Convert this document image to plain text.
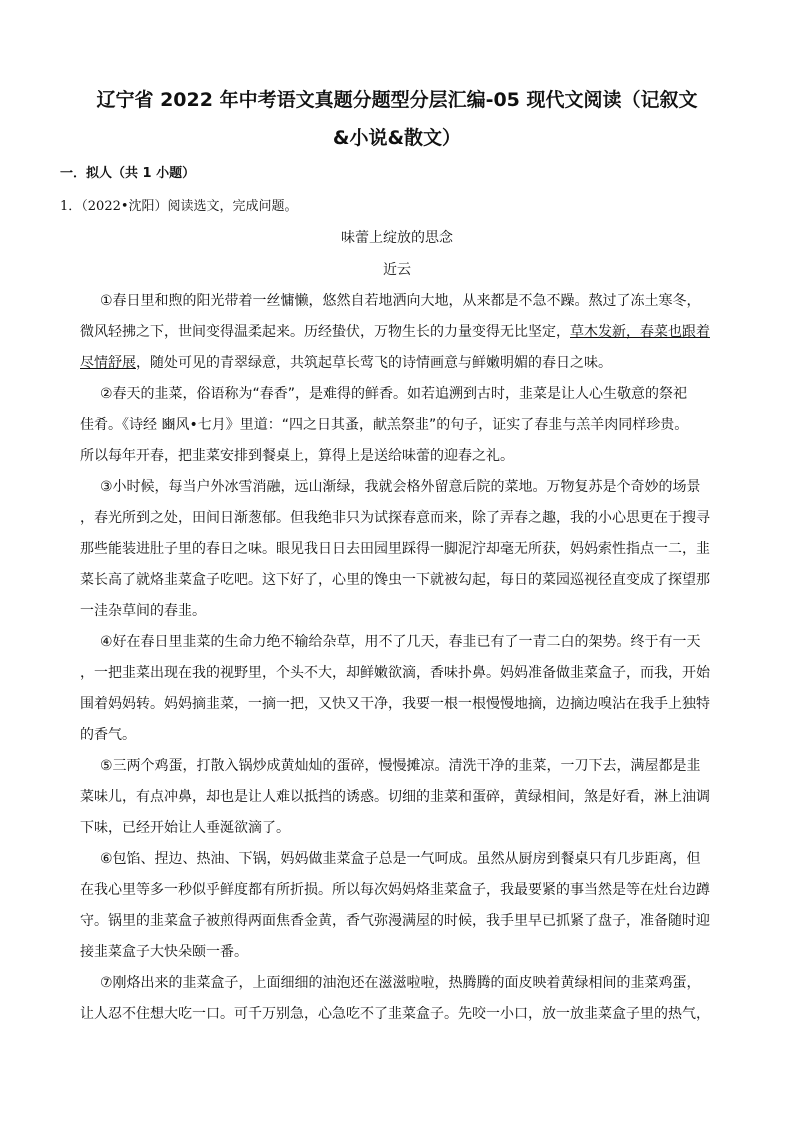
辽宁省 2022 年中考语文真题分题型分层汇编-05 现代文阅读（记叙文
&小说&散文）
一．拟人（共 1 小题）
1．（2022•沈阳）阅读选文，完成问题。
味蕾上绽放的思念
近云
①春日里和煦的阳光带着一丝慵懒，悠然自若地洒向大地，从来都是不急不躁。熬过了冻土寒冬，
微风轻拂之下，世间变得温柔起来。历经蛰伏，万物生长的力量变得无比坚定，草木发新，春菜也跟着
尽情舒展，随处可见的青翠绿意，共筑起草长莺飞的诗情画意与鲜嫩明媚的春日之味。
②春天的韭菜，俗语称为“春香”，是难得的鲜香。如若追溯到古时，韭菜是让人心生敬意的祭祀
佳肴。《诗经 豳风•七月》里道：“四之日其蚤，献羔祭韭”的句子，证实了春韭与羔羊肉同样珍贵。
所以每年开春，把韭菜安排到餐桌上，算得上是送给味蕾的迎春之礼。
③小时候，每当户外冰雪消融，远山渐绿，我就会格外留意后院的菜地。万物复苏是个奇妙的场景
，春光所到之处，田间日渐葱郁。但我绝非只为试探春意而来，除了弄春之趣，我的小心思更在于搜寻
那些能装进肚子里的春日之味。眼见我日日去田园里踩得一脚泥泞却毫无所获，妈妈索性指点一二，韭
菜长高了就烙韭菜盒子吃吧。这下好了，心里的馋虫一下就被勾起，每日的菜园巡视径直变成了探望那
一洼杂草间的春韭。
④好在春日里韭菜的生命力绝不输给杂草，用不了几天，春韭已有了一青二白的架势。终于有一天
，一把韭菜出现在我的视野里，个头不大，却鲜嫩欲滴，香味扑鼻。妈妈准备做韭菜盒子，而我，开始
围着妈妈转。妈妈摘韭菜，一摘一把，又快又干净，我要一根一根慢慢地摘，边摘边嗅沾在我手上独特
的香气。
⑤三两个鸡蛋，打散入锅炒成黄灿灿的蛋碎，慢慢摊凉。清洗干净的韭菜，一刀下去，满屋都是韭
菜味儿，有点冲鼻，却也是让人难以抵挡的诱惑。切细的韭菜和蛋碎，黄绿相间，煞是好看，淋上油调
下味，已经开始让人垂涎欲滴了。
⑥包馅、捏边、热油、下锅，妈妈做韭菜盒子总是一气呵成。虽然从厨房到餐桌只有几步距离，但
在我心里等多一秒似乎鲜度都有所折损。所以每次妈妈烙韭菜盒子，我最要紧的事当然是等在灶台边蹲
守。锅里的韭菜盒子被煎得两面焦香金黄，香气弥漫满屋的时候，我手里早已抓紧了盘子，准备随时迎
接韭菜盒子大快朵颐一番。
⑦刚烙出来的韭菜盒子，上面细细的油泡还在滋滋啦啦，热腾腾的面皮映着黄绿相间的韭菜鸡蛋，
让人忍不住想大吃一口。可千万别急，心急吃不了韭菜盒子。先咬一小口，放一放韭菜盒子里的热气，
